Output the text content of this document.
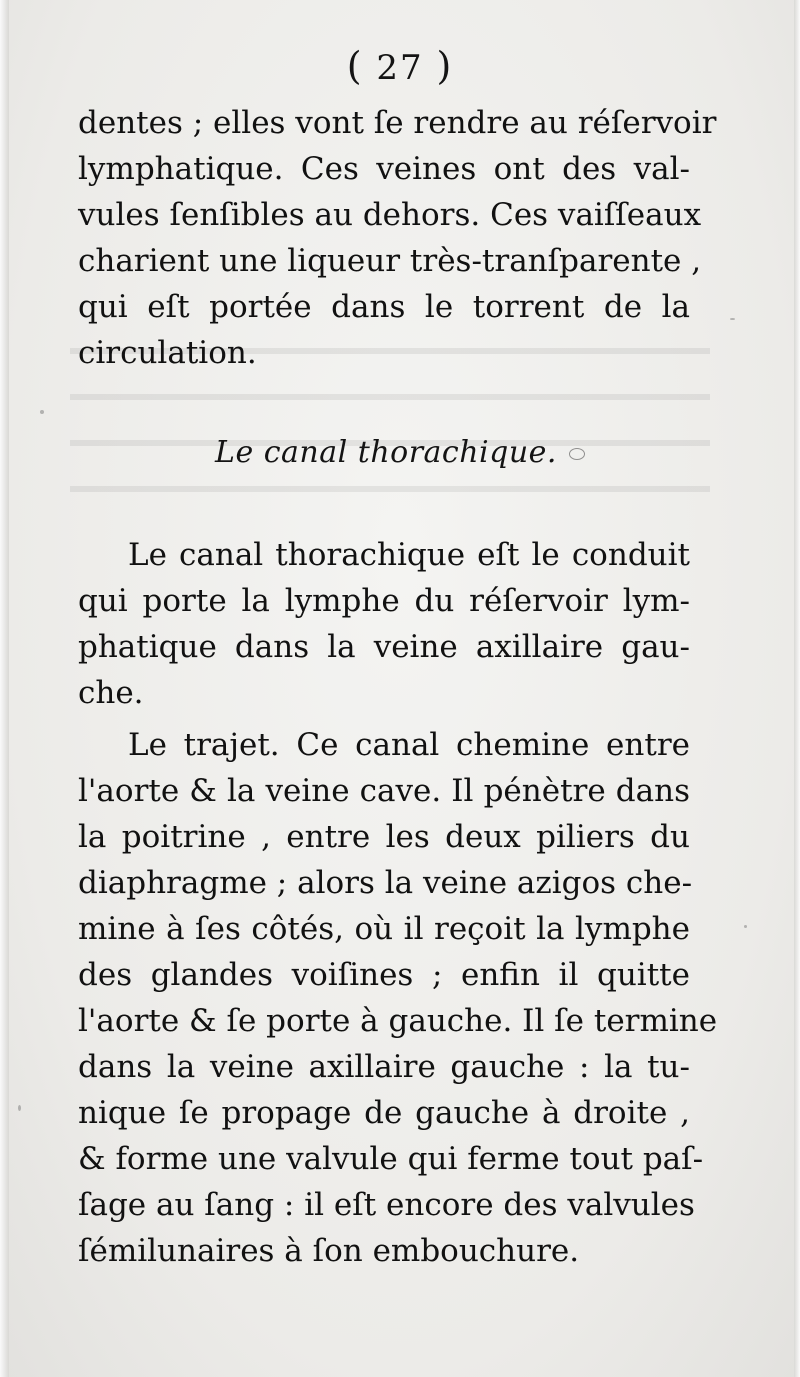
( 27 )
dentes ; elles vont ſe rendre au réſervoir
lymphatique. Ces veines ont des val-
vules ſenſibles au dehors. Ces vaiſſeaux
charient une liqueur très-tranſparente ,
qui eſt portée dans le torrent de la
circulation.
Le canal thorachique.
Le canal thorachique eſt le conduit
qui porte la lymphe du réſervoir lym-
phatique dans la veine axillaire gau-
che.
Le trajet. Ce canal chemine entre
l'aorte & la veine cave. Il pénètre dans
la poitrine , entre les deux piliers du
diaphragme ; alors la veine azigos che-
mine à ſes côtés, où il reçoit la lymphe
des glandes voiſines ; enfin il quitte
l'aorte & ſe porte à gauche. Il ſe termine
dans la veine axillaire gauche : la tu-
nique ſe propage de gauche à droite ,
& forme une valvule qui ferme tout paſ-
ſage au ſang : il eſt encore des valvules
ſémilunaires à ſon embouchure.
